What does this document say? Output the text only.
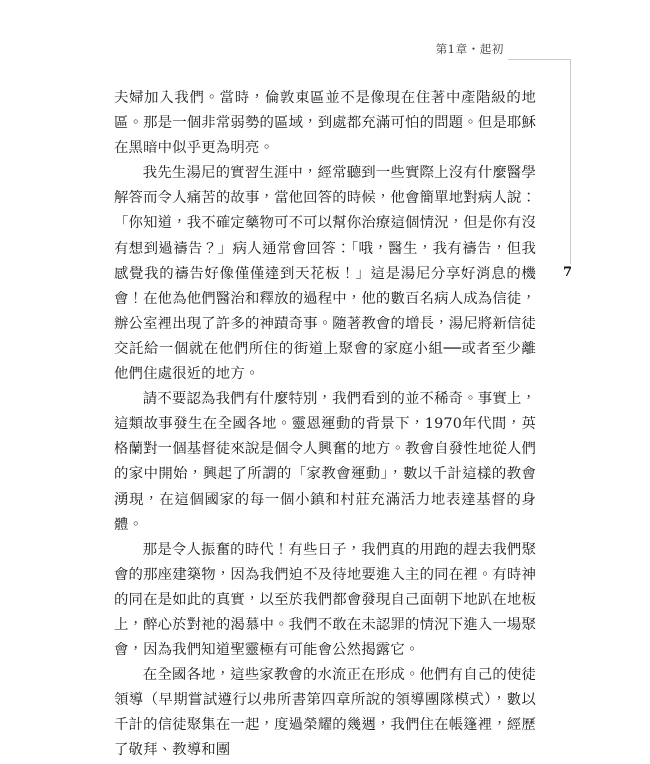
第1章・起初
7

夫婦加入我們。當時，倫敦東區並不是像現在住著中產階級的地區。那是一個非常弱勢的區域，到處都充滿可怕的問題。但是耶穌在黑暗中似乎更為明亮。

我先生湯尼的實習生涯中，經常聽到一些實際上沒有什麼醫學解答而令人痛苦的故事，當他回答的時候，他會簡單地對病人說：「你知道，我不確定藥物可不可以幫你治療這個情況，但是你有沒有想到過禱告？」病人通常會回答：「哦，醫生，我有禱告，但我感覺我的禱告好像僅僅達到天花板！」這是湯尼分享好消息的機會！在他為他們醫治和釋放的過程中，他的數百名病人成為信徒，辦公室裡出現了許多的神蹟奇事。隨著教會的增長，湯尼將新信徒交託給一個就在他們所住的街道上聚會的家庭小組──或者至少離他們住處很近的地方。

請不要認為我們有什麼特別，我們看到的並不稀奇。事實上，這類故事發生在全國各地。靈恩運動的背景下，1970年代間，英格蘭對一個基督徒來說是個令人興奮的地方。教會自發性地從人們的家中開始，興起了所謂的「家教會運動」，數以千計這樣的教會湧現，在這個國家的每一個小鎮和村莊充滿活力地表達基督的身體。

那是令人振奮的時代！有些日子，我們真的用跑的趕去我們聚會的那座建築物，因為我們迫不及待地要進入主的同在裡。有時神的同在是如此的真實，以至於我們都會發現自己面朝下地趴在地板上，醉心於對祂的渴慕中。我們不敢在未認罪的情況下進入一場聚會，因為我們知道聖靈極有可能會公然揭露它。

在全國各地，這些家教會的水流正在形成。他們有自己的使徒領導（早期嘗試遵行以弗所書第四章所說的領導團隊模式），數以千計的信徒聚集在一起，度過榮耀的幾週，我們住在帳篷裡，經歷了敬拜、教導和團
